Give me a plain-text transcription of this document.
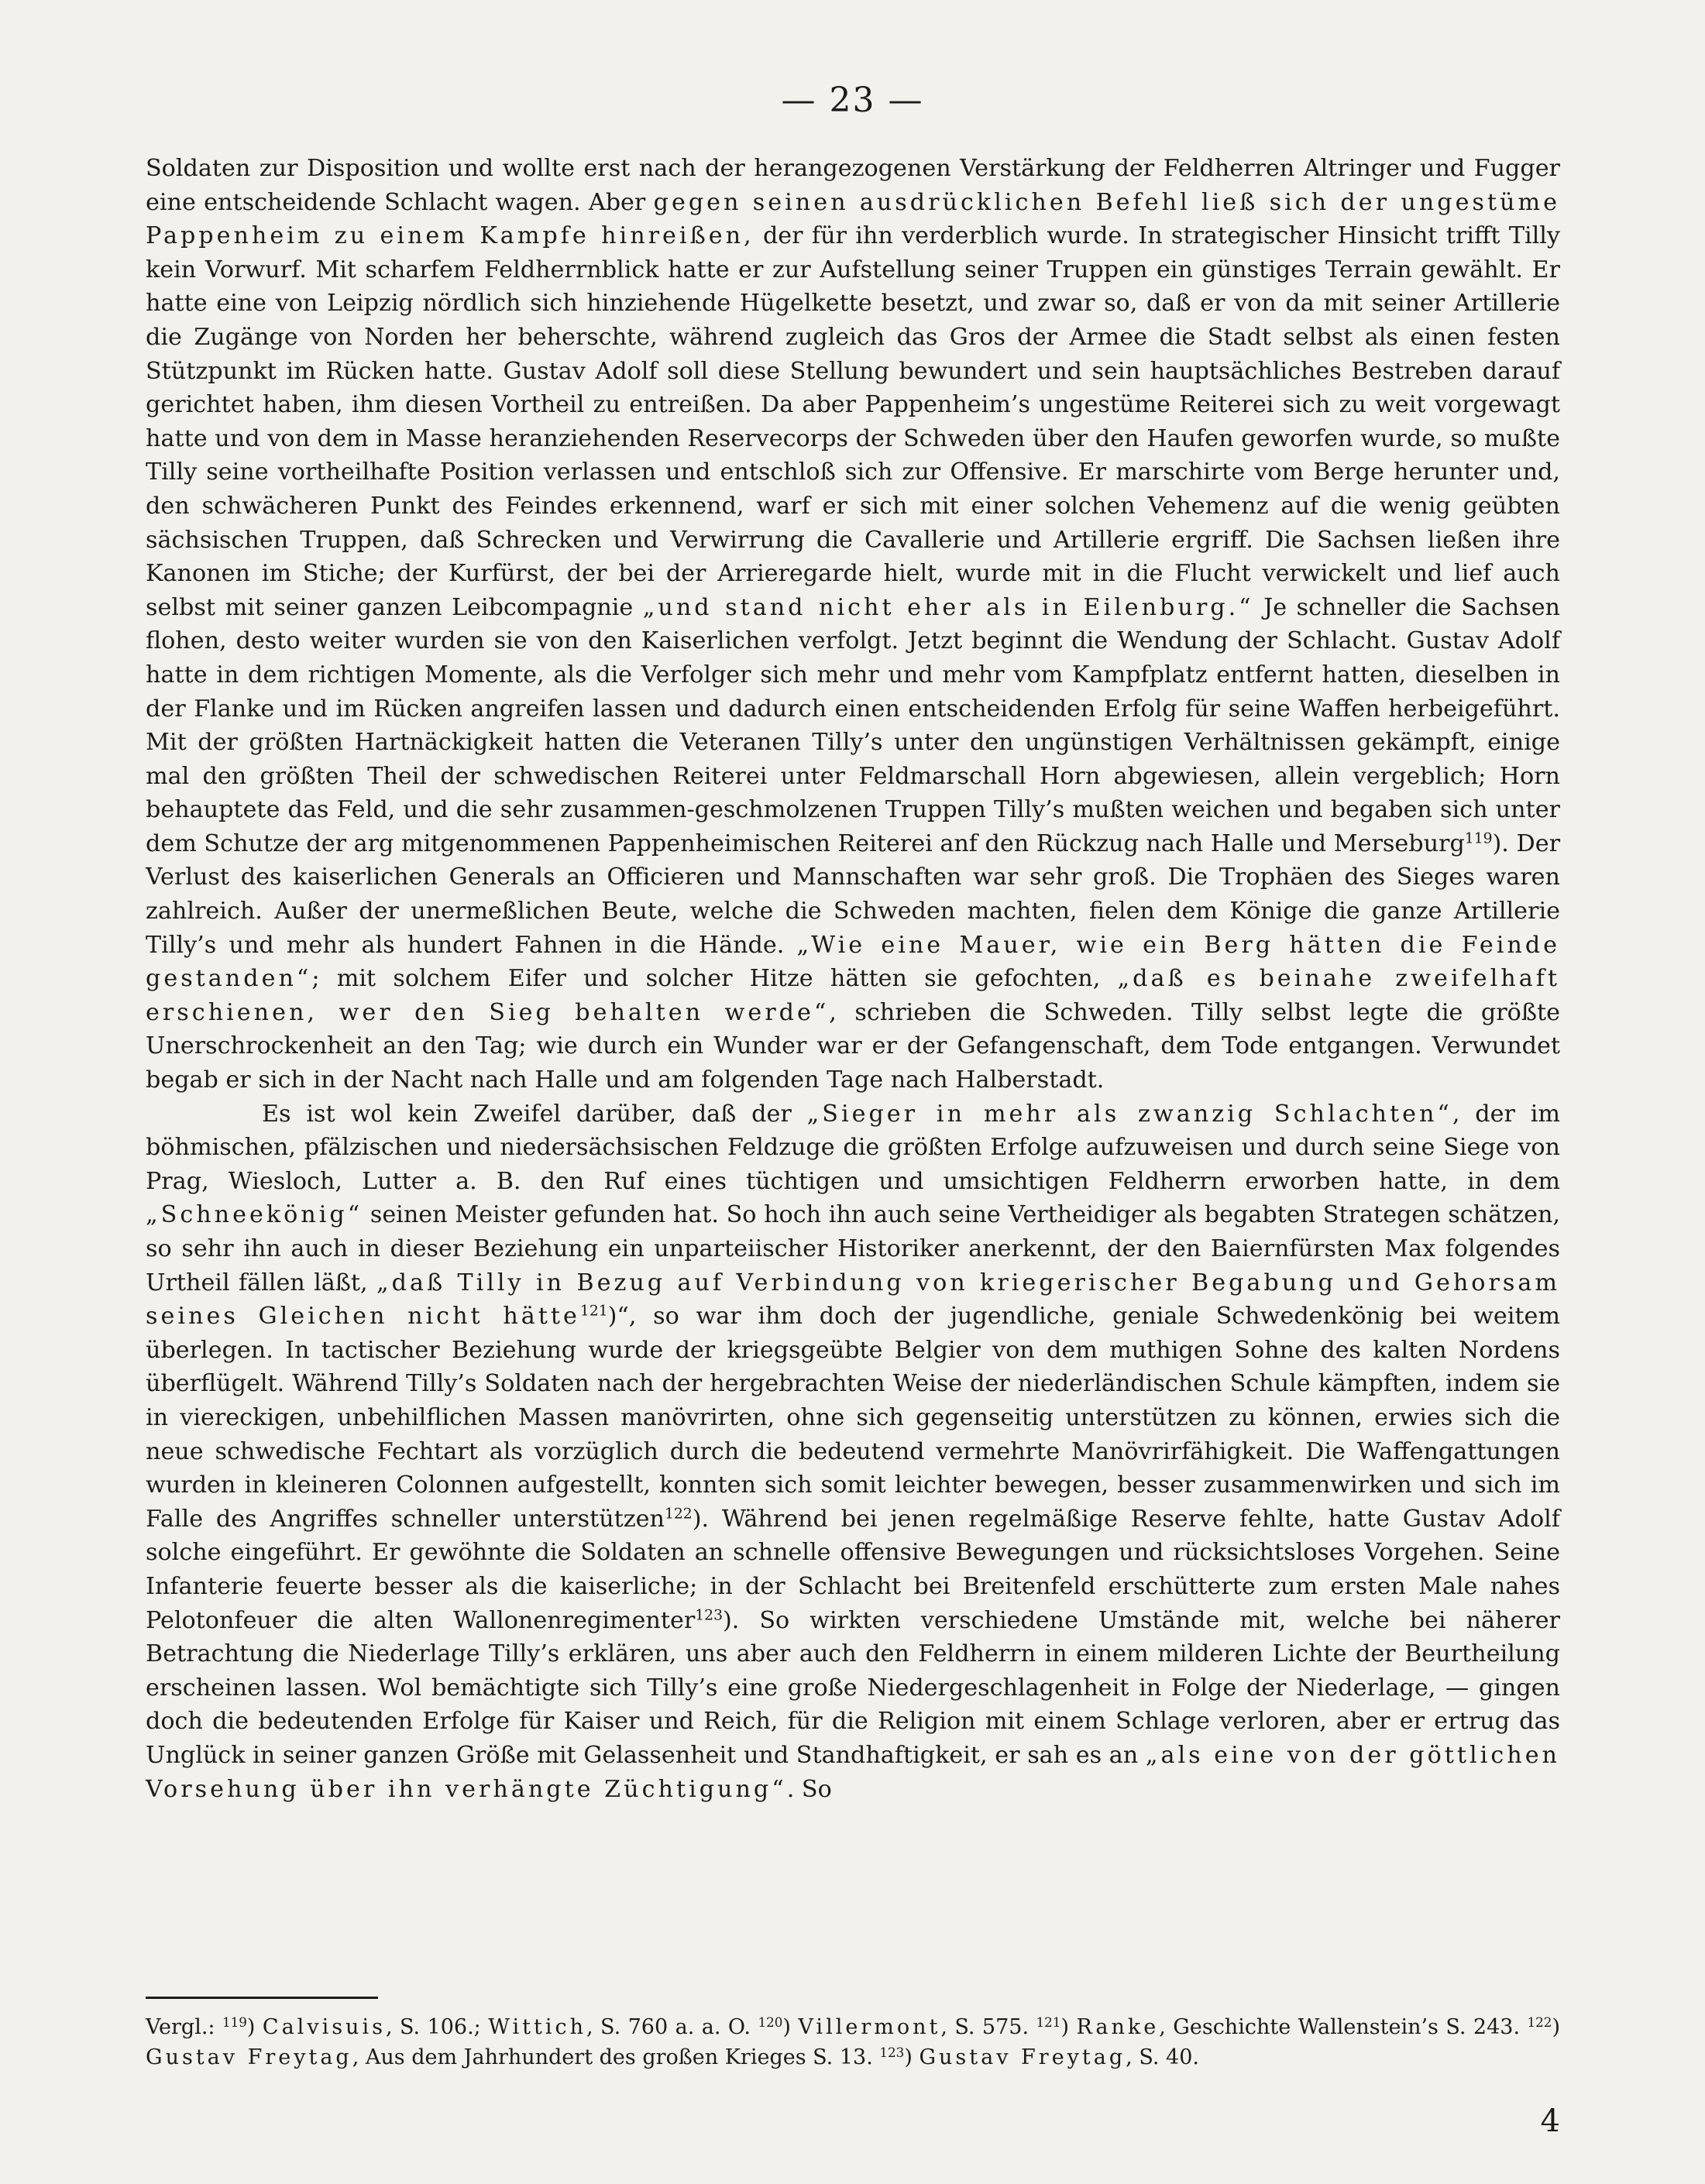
— 23 —

Soldaten zur Disposition und wollte erst nach der herangezogenen Verstärkung der Feldherren Altringer und Fugger eine entscheidende Schlacht wagen. Aber gegen seinen ausdrücklichen Befehl ließ sich der ungestüme Pappenheim zu einem Kampfe hinreißen, der für ihn verderblich wurde. In strategischer Hinsicht trifft Tilly kein Vorwurf. Mit scharfem Feldherrnblick hatte er zur Aufstellung seiner Truppen ein günstiges Terrain gewählt. Er hatte eine von Leipzig nördlich sich hinziehende Hügelkette besetzt, und zwar so, daß er von da mit seiner Artillerie die Zugänge von Norden her beherschte, während zugleich das Gros der Armee die Stadt selbst als einen festen Stützpunkt im Rücken hatte. Gustav Adolf soll diese Stellung bewundert und sein hauptsächliches Bestreben darauf gerichtet haben, ihm diesen Vortheil zu entreißen. Da aber Pappenheim’s ungestüme Reiterei sich zu weit vorgewagt hatte und von dem in Masse heranziehenden Reservecorps der Schweden über den Haufen geworfen wurde, so mußte Tilly seine vortheilhafte Position verlassen und entschloß sich zur Offensive. Er marschirte vom Berge herunter und, den schwächeren Punkt des Feindes erkennend, warf er sich mit einer solchen Vehemenz auf die wenig geübten sächsischen Truppen, daß Schrecken und Verwirrung die Cavallerie und Artillerie ergriff. Die Sachsen ließen ihre Kanonen im Stiche; der Kurfürst, der bei der Arrieregarde hielt, wurde mit in die Flucht verwickelt und lief auch selbst mit seiner ganzen Leibcompagnie „und stand nicht eher als in Eilenburg.“ Je schneller die Sachsen flohen, desto weiter wurden sie von den Kaiserlichen verfolgt. Jetzt beginnt die Wendung der Schlacht. Gustav Adolf hatte in dem richtigen Momente, als die Verfolger sich mehr und mehr vom Kampfplatz entfernt hatten, dieselben in der Flanke und im Rücken angreifen lassen und dadurch einen entscheidenden Erfolg für seine Waffen herbeigeführt. Mit der größten Hartnäckigkeit hatten die Veteranen Tilly’s unter den ungünstigen Verhältnissen gekämpft, einige mal den größten Theil der schwedischen Reiterei unter Feldmarschall Horn abgewiesen, allein vergeblich; Horn behauptete das Feld, und die sehr zusammen-geschmolzenen Truppen Tilly’s mußten weichen und begaben sich unter dem Schutze der arg mitgenommenen Pappenheimischen Reiterei anf den Rückzug nach Halle und Merseburg$^{119}$). Der Verlust des kaiserlichen Generals an Officieren und Mannschaften war sehr groß. Die Trophäen des Sieges waren zahlreich. Außer der unermeßlichen Beute, welche die Schweden machten, fielen dem Könige die ganze Artillerie Tilly’s und mehr als hundert Fahnen in die Hände. „Wie eine Mauer, wie ein Berg hätten die Feinde gestanden“; mit solchem Eifer und solcher Hitze hätten sie gefochten, „daß es beinahe zweifelhaft erschienen, wer den Sieg behalten werde“, schrieben die Schweden. Tilly selbst legte die größte Unerschrockenheit an den Tag; wie durch ein Wunder war er der Gefangenschaft, dem Tode entgangen. Verwundet begab er sich in der Nacht nach Halle und am folgenden Tage nach Halberstadt.

Es ist wol kein Zweifel darüber, daß der „Sieger in mehr als zwanzig Schlachten“, der im böhmischen, pfälzischen und niedersächsischen Feldzuge die größten Erfolge aufzuweisen und durch seine Siege von Prag, Wiesloch, Lutter a. B. den Ruf eines tüchtigen und umsichtigen Feldherrn erworben hatte, in dem „Schneekönig“ seinen Meister gefunden hat. So hoch ihn auch seine Vertheidiger als begabten Strategen schätzen, so sehr ihn auch in dieser Beziehung ein unparteiischer Historiker anerkennt, der den Baiernfürsten Max folgendes Urtheil fällen läßt, „daß Tilly in Bezug auf Verbindung von kriegerischer Begabung und Gehorsam seines Gleichen nicht hätte$^{121}$)“, so war ihm doch der jugendliche, geniale Schwedenkönig bei weitem überlegen. In tactischer Beziehung wurde der kriegsgeübte Belgier von dem muthigen Sohne des kalten Nordens überflügelt. Während Tilly’s Soldaten nach der hergebrachten Weise der niederländischen Schule kämpften, indem sie in viereckigen, unbehilflichen Massen manövrirten, ohne sich gegenseitig unterstützen zu können, erwies sich die neue schwedische Fechtart als vorzüglich durch die bedeutend vermehrte Manövrirfähigkeit. Die Waffengattungen wurden in kleineren Colonnen aufgestellt, konnten sich somit leichter bewegen, besser zusammenwirken und sich im Falle des Angriffes schneller unterstützen$^{122}$). Während bei jenen regelmäßige Reserve fehlte, hatte Gustav Adolf solche eingeführt. Er gewöhnte die Soldaten an schnelle offensive Bewegungen und rücksichtsloses Vorgehen. Seine Infanterie feuerte besser als die kaiserliche; in der Schlacht bei Breitenfeld erschütterte zum ersten Male nahes Pelotonfeuer die alten Wallonenregimenter$^{123}$). So wirkten verschiedene Umstände mit, welche bei näherer Betrachtung die Niederlage Tilly’s erklären, uns aber auch den Feldherrn in einem milderen Lichte der Beurtheilung erscheinen lassen. Wol bemächtigte sich Tilly’s eine große Niedergeschlagenheit in Folge der Niederlage, — gingen doch die bedeutenden Erfolge für Kaiser und Reich, für die Religion mit einem Schlage verloren, aber er ertrug das Unglück in seiner ganzen Größe mit Gelassenheit und Standhaftigkeit, er sah es an „als eine von der göttlichen Vorsehung über ihn verhängte Züchtigung“. So

Vergl.: $^{119}$) Calvisuis, S. 106.; Wittich, S. 760 a. a. O. $^{120}$) Villermont, S. 575. $^{121}$) Ranke, Geschichte Wallenstein’s S. 243. $^{122}$) Gustav Freytag, Aus dem Jahrhundert des großen Krieges S. 13. $^{123}$) Gustav Freytag, S. 40.

4
